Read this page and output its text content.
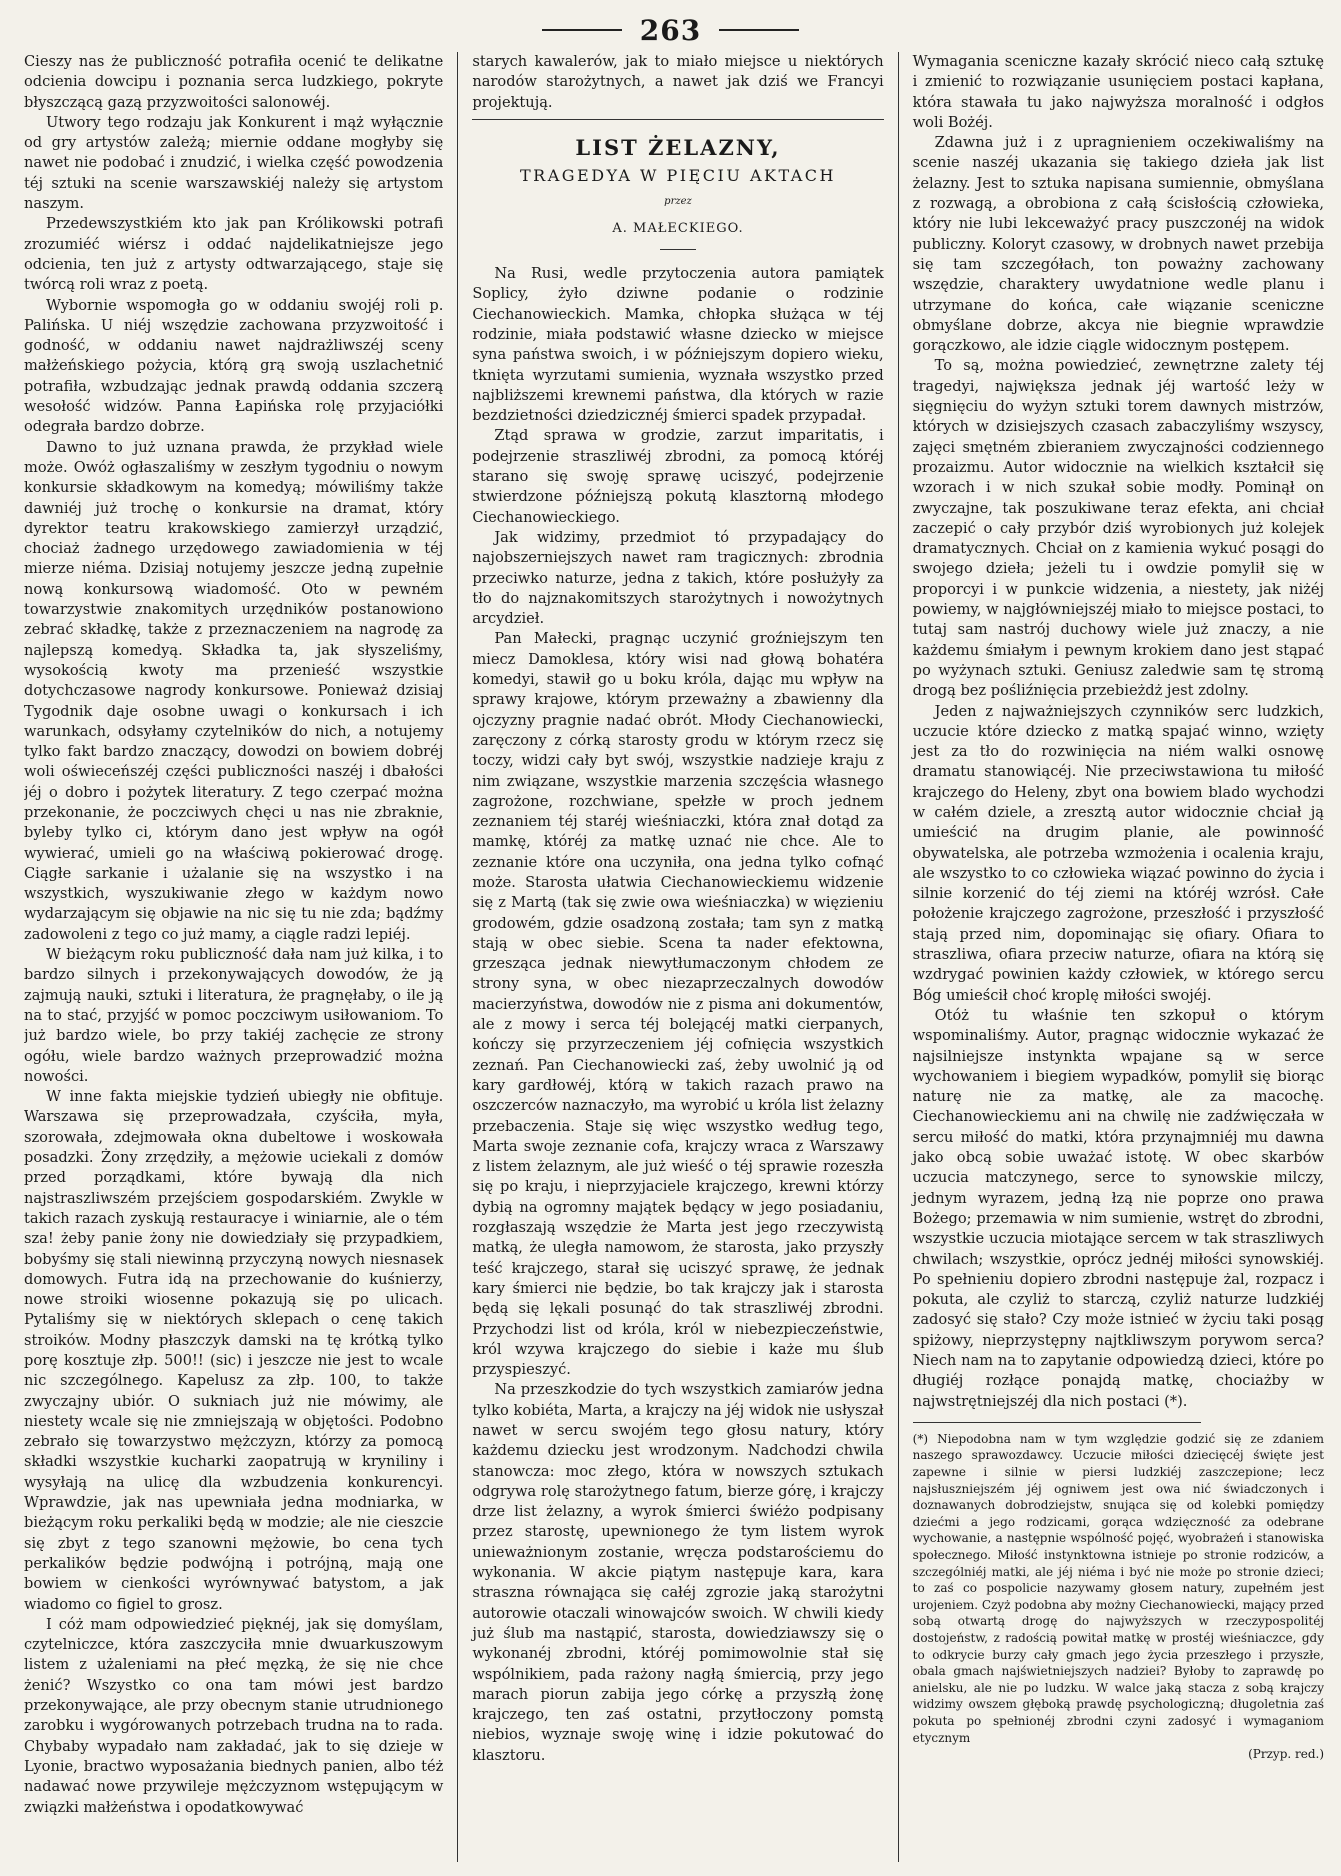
263

Cieszy nas że publiczność potrafiła ocenić te delikatne odcienia dowcipu i poznania serca ludzkiego, pokryte błyszczącą gazą przyzwoitości salonowéj.

Utwory tego rodzaju jak Konkurent i mąż wyłącznie od gry artystów zależą; miernie oddane mogłyby się nawet nie podobać i znudzić, i wielka część powodzenia téj sztuki na scenie warszawskiéj należy się artystom naszym.

Przedewszystkiém kto jak pan Królikowski potrafi zrozumiéć wiérsz i oddać najdelikatniejsze jego odcienia, ten już z artysty odtwarzającego, staje się twórcą roli wraz z poetą.

Wybornie wspomogła go w oddaniu swojéj roli p. Palińska. U niéj wszędzie zachowana przyzwoitość i godność, w oddaniu nawet najdrażliwszéj sceny małżeńskiego pożycia, którą grą swoją uszlachetnić potrafiła, wzbudzając jednak prawdą oddania szczerą wesołość widzów. Panna Łapińska rolę przyjaciółki odegrała bardzo dobrze.

Dawno to już uznana prawda, że przykład wiele może. Owóż ogłaszaliśmy w zeszłym tygodniu o nowym konkursie składkowym na komedyą; mówiliśmy także dawniéj już trochę o konkursie na dramat, który dyrektor teatru krakowskiego zamierzył urządzić, chociaż żadnego urzędowego zawiadomienia w téj mierze niéma. Dzisiaj notujemy jeszcze jedną zupełnie nową konkursową wiadomość. Oto w pewném towarzystwie znakomitych urzędników postanowiono zebrać składkę, także z przeznaczeniem na nagrodę za najlepszą komedyą. Składka ta, jak słyszeliśmy, wysokością kwoty ma przenieść wszystkie dotychczasowe nagrody konkursowe. Ponieważ dzisiaj Tygodnik daje osobne uwagi o konkursach i ich warunkach, odsyłamy czytelników do nich, a notujemy tylko fakt bardzo znaczący, dowodzi on bowiem dobréj woli oświeceńszéj części publiczności naszéj i dbałości jéj o dobro i pożytek literatury. Z tego czerpać można przekonanie, że poczciwych chęci u nas nie zbraknie, byleby tylko ci, którym dano jest wpływ na ogół wywierać, umieli go na właściwą pokierować drogę. Ciągłe sarkanie i użalanie się na wszystko i na wszystkich, wyszukiwanie złego w każdym nowo wydarzającym się objawie na nic się tu nie zda; bądźmy zadowoleni z tego co już mamy, a ciągle radzi lepiéj.

W bieżącym roku publiczność dała nam już kilka, i to bardzo silnych i przekonywających dowodów, że ją zajmują nauki, sztuki i literatura, że pragnęłaby, o ile ją na to stać, przyjść w pomoc poczciwym usiłowaniom. To już bardzo wiele, bo przy takiéj zachęcie ze strony ogółu, wiele bardzo ważnych przeprowadzić można nowości.

W inne fakta miejskie tydzień ubiegły nie obfituje. Warszawa się przeprowadzała, czyściła, myła, szorowała, zdejmowała okna dubeltowe i woskowała posadzki. Żony zrzędziły, a mężowie uciekali z domów przed porządkami, które bywają dla nich najstraszliwszém przejściem gospodarskiém. Zwykle w takich razach zyskują restauracye i winiarnie, ale o tém sza! żeby panie żony nie dowiedziały się przypadkiem, bobyśmy się stali niewinną przyczyną nowych niesnasek domowych. Futra idą na przechowanie do kuśnierzy, nowe stroiki wiosenne pokazują się po ulicach. Pytaliśmy się w niektórych sklepach o cenę takich stroików. Modny płaszczyk damski na tę krótką tylko porę kosztuje złp. 500!! (sic) i jeszcze nie jest to wcale nic szczególnego. Kapelusz za złp. 100, to także zwyczajny ubiór. O sukniach już nie mówimy, ale niestety wcale się nie zmniejszają w objętości. Podobno zebrało się towarzystwo mężczyzn, którzy za pomocą składki wszystkie kucharki zaopatrują w kryniliny i wysyłają na ulicę dla wzbudzenia konkurencyi. Wprawdzie, jak nas upewniała jedna modniarka, w bieżącym roku perkaliki będą w modzie; ale nie cieszcie się zbyt z tego szanowni mężowie, bo cena tych perkalików będzie podwójną i potrójną, mają one bowiem w cienkości wyrównywać batystom, a jak wiadomo co figiel to grosz.

I cóż mam odpowiedzieć pięknéj, jak się domyślam, czytelniczce, która zaszczyciła mnie dwuarkuszowym listem z użaleniami na płeć męzką, że się nie chce żenić? Wszystko co ona tam mówi jest bardzo przekonywające, ale przy obecnym stanie utrudnionego zarobku i wygórowanych potrzebach trudna na to rada. Chybaby wypadało nam zakładać, jak to się dzieje w Lyonie, bractwo wyposażania biednych panien, albo téż nadawać nowe przywileje mężczyznom wstępującym w związki małżeństwa i opodatkowywać

starych kawalerów, jak to miało miejsce u niektórych narodów starożytnych, a nawet jak dziś we Francyi projektują.

LIST ŻELAZNY,
TRAGEDYA W PIĘCIU AKTACH
przez
A. MAŁECKIEGO.

Na Rusi, wedle przytoczenia autora pamiątek Soplicy, żyło dziwne podanie o rodzinie Ciechanowieckich. Mamka, chłopka służąca w téj rodzinie, miała podstawić własne dziecko w miejsce syna państwa swoich, i w późniejszym dopiero wieku, tknięta wyrzutami sumienia, wyznała wszystko przed najbliższemi krewnemi państwa, dla których w razie bezdzietności dziedzicznéj śmierci spadek przypadał.

Ztąd sprawa w grodzie, zarzut imparitatis, i podejrzenie straszliwéj zbrodni, za pomocą któréj starano się swoję sprawę uciszyć, podejrzenie stwierdzone późniejszą pokutą klasztorną młodego Ciechanowieckiego.

Jak widzimy, przedmiot tó przypadający do najobszerniejszych nawet ram tragicznych: zbrodnia przeciwko naturze, jedna z takich, które posłużyły za tło do najznakomitszych starożytnych i nowożytnych arcydzieł.

Pan Małecki, pragnąc uczynić groźniejszym ten miecz Damoklesa, który wisi nad głową bohatéra komedyi, stawił go u boku króla, dając mu wpływ na sprawy krajowe, którym przeważny a zbawienny dla ojczyzny pragnie nadać obrót. Młody Ciechanowiecki, zaręczony z córką starosty grodu w którym rzecz się toczy, widzi cały byt swój, wszystkie nadzieje kraju z nim związane, wszystkie marzenia szczęścia własnego zagrożone, rozchwiane, spełzłe w proch jednem zeznaniem téj staréj wieśniaczki, która znał dotąd za mamkę, któréj za matkę uznać nie chce. Ale to zeznanie które ona uczyniła, ona jedna tylko cofnąć może. Starosta ułatwia Ciechanowieckiemu widzenie się z Martą (tak się zwie owa wieśniaczka) w więzieniu grodowém, gdzie osadzoną została; tam syn z matką stają w obec siebie. Scena ta nader efektowna, grzesząca jednak niewytłumaczonym chłodem ze strony syna, w obec niezaprzeczalnych dowodów macierzyństwa, dowodów nie z pisma ani dokumentów, ale z mowy i serca téj bolejącéj matki cierpanych, kończy się przyrzeczeniem jéj cofnięcia wszystkich zeznań. Pan Ciechanowiecki zaś, żeby uwolnić ją od kary gardłowéj, którą w takich razach prawo na oszczerców naznaczyło, ma wyrobić u króla list żelazny przebaczenia. Staje się więc wszystko według tego, Marta swoje zeznanie cofa, krajczy wraca z Warszawy z listem żelaznym, ale już wieść o téj sprawie rozeszła się po kraju, i nieprzyjaciele krajczego, krewni którzy dybią na ogromny majątek będący w jego posiadaniu, rozgłaszają wszędzie że Marta jest jego rzeczywistą matką, że uległa namowom, że starosta, jako przyszły teść krajczego, starał się uciszyć sprawę, że jednak kary śmierci nie będzie, bo tak krajczy jak i starosta będą się lękali posunąć do tak straszliwéj zbrodni. Przychodzi list od króla, król w niebezpieczeństwie, król wzywa krajczego do siebie i każe mu ślub przyspieszyć.

Na przeszkodzie do tych wszystkich zamiarów jedna tylko kobiéta, Marta, a krajczy na jéj widok nie usłyszał nawet w sercu swojém tego głosu natury, który każdemu dziecku jest wrodzonym. Nadchodzi chwila stanowcza: moc złego, która w nowszych sztukach odgrywa rolę starożytnego fatum, bierze górę, i krajczy drze list żelazny, a wyrok śmierci świéżo podpisany przez starostę, upewnionego że tym listem wyrok unieważnionym zostanie, wręcza podstarościemu do wykonania. W akcie piątym następuje kara, kara straszna równająca się całéj zgrozie jaką starożytni autorowie otaczali winowajców swoich. W chwili kiedy już ślub ma nastąpić, starosta, dowiedziawszy się o wykonanéj zbrodni, któréj pomimowolnie stał się wspólnikiem, pada rażony nagłą śmiercią, przy jego marach piorun zabija jego córkę a przyszłą żonę krajczego, ten zaś ostatni, przytłoczony pomstą niebios, wyznaje swoję winę i idzie pokutować do klasztoru.

Wymagania sceniczne kazały skrócić nieco całą sztukę i zmienić to rozwiązanie usunięciem postaci kapłana, która stawała tu jako najwyższa moralność i odgłos woli Bożéj.

Zdawna już i z upragnieniem oczekiwaliśmy na scenie naszéj ukazania się takiego dzieła jak list żelazny. Jest to sztuka napisana sumiennie, obmyślana z rozwagą, a obrobiona z całą ścisłością człowieka, który nie lubi lekceważyć pracy puszczonéj na widok publiczny. Koloryt czasowy, w drobnych nawet przebija się tam szczegółach, ton poważny zachowany wszędzie, charaktery uwydatnione wedle planu i utrzymane do końca, całe wiązanie sceniczne obmyślane dobrze, akcya nie biegnie wprawdzie gorączkowo, ale idzie ciągle widocznym postępem.

To są, można powiedzieć, zewnętrzne zalety téj tragedyi, największa jednak jéj wartość leży w sięgnięciu do wyżyn sztuki torem dawnych mistrzów, których w dzisiejszych czasach zabaczyliśmy wszyscy, zajęci smętném zbieraniem zwyczajności codziennego prozaizmu. Autor widocznie na wielkich kształcił się wzorach i w nich szukał sobie modły. Pominął on zwyczajne, tak poszukiwane teraz efekta, ani chciał zaczepić o cały przybór dziś wyrobionych już kolejek dramatycznych. Chciał on z kamienia wykuć posągi do swojego dzieła; jeżeli tu i owdzie pomylił się w proporcyi i w punkcie widzenia, a niestety, jak niżéj powiemy, w najgłówniejszéj miało to miejsce postaci, to tutaj sam nastrój duchowy wiele już znaczy, a nie każdemu śmiałym i pewnym krokiem dano jest stąpać po wyżynach sztuki. Geniusz zaledwie sam tę stromą drogą bez pośliźnięcia przebieżdż jest zdolny.

Jeden z najważniejszych czynników serc ludzkich, uczucie które dziecko z matką spajać winno, wzięty jest za tło do rozwinięcia na niém walki osnowę dramatu stanowiącéj. Nie przeciwstawiona tu miłość krajczego do Heleny, zbyt ona bowiem blado wychodzi w całém dziele, a zresztą autor widocznie chciał ją umieścić na drugim planie, ale powinność obywatelska, ale potrzeba wzmożenia i ocalenia kraju, ale wszystko to co człowieka wiązać powinno do życia i silnie korzenić do téj ziemi na któréj wzrósł. Całe położenie krajczego zagrożone, przeszłość i przyszłość stają przed nim, dopominając się ofiary. Ofiara to straszliwa, ofiara przeciw naturze, ofiara na którą się wzdrygać powinien każdy człowiek, w którego sercu Bóg umieścił choć kroplę miłości swojéj.

Otóż tu właśnie ten szkopuł o którym wspominaliśmy. Autor, pragnąc widocznie wykazać że najsilniejsze instynkta wpajane są w serce wychowaniem i biegiem wypadków, pomylił się biorąc naturę nie za matkę, ale za macochę. Ciechanowieckiemu ani na chwilę nie zadźwięczała w sercu miłość do matki, która przynajmniéj mu dawna jako obcą sobie uważać istotę. W obec skarbów uczucia matczynego, serce to synowskie milczy, jednym wyrazem, jedną łzą nie poprze ono prawa Bożego; przemawia w nim sumienie, wstręt do zbrodni, wszystkie uczucia miotające sercem w tak straszliwych chwilach; wszystkie, oprócz jednéj miłości synowskiéj. Po spełnieniu dopiero zbrodni następuje żal, rozpacz i pokuta, ale czyliż to starczą, czyliż naturze ludzkiéj zadosyć się stało? Czy może istnieć w życiu taki posąg spiżowy, nieprzystępny najtkliwszym porywom serca? Niech nam na to zapytanie odpowiedzą dzieci, które po długiéj rozłące ponajdą matkę, chociażby w najwstrętniejszéj dla nich postaci (*).

(*) Niepodobna nam w tym względzie godzić się ze zdaniem naszego sprawozdawcy. Uczucie miłości dziecięcéj święte jest zapewne i silnie w piersi ludzkiéj zaszczepione; lecz najsłuszniejszém jéj ogniwem jest owa nić świadczonych i doznawanych dobrodziejstw, snująca się od kolebki pomiędzy dziećmi a jego rodzicami, gorąca wdzięczność za odebrane wychowanie, a następnie wspólność pojęć, wyobrażeń i stanowiska społecznego. Miłość instynktowna istnieje po stronie rodziców, a szczególniéj matki, ale jéj niéma i być nie może po stronie dzieci; to zaś co pospolicie nazywamy głosem natury, zupełném jest urojeniem. Czyż podobna aby możny Ciechanowiecki, mający przed sobą otwartą drogę do najwyższych w rzeczypospolitéj dostojeństw, z radością powitał matkę w prostéj wieśniaczce, gdy to odkrycie burzy cały gmach jego życia przeszłego i przyszłe, obala gmach najświetniejszych nadziei? Byłoby to zaprawdę po anielsku, ale nie po ludzku. W walce jaką stacza z sobą krajczy widzimy owszem głęboką prawdę psychologiczną; długoletnia zaś pokuta po spełnionéj zbrodni czyni zadosyć i wymaganiom etycznym
(Przyp. red.)
